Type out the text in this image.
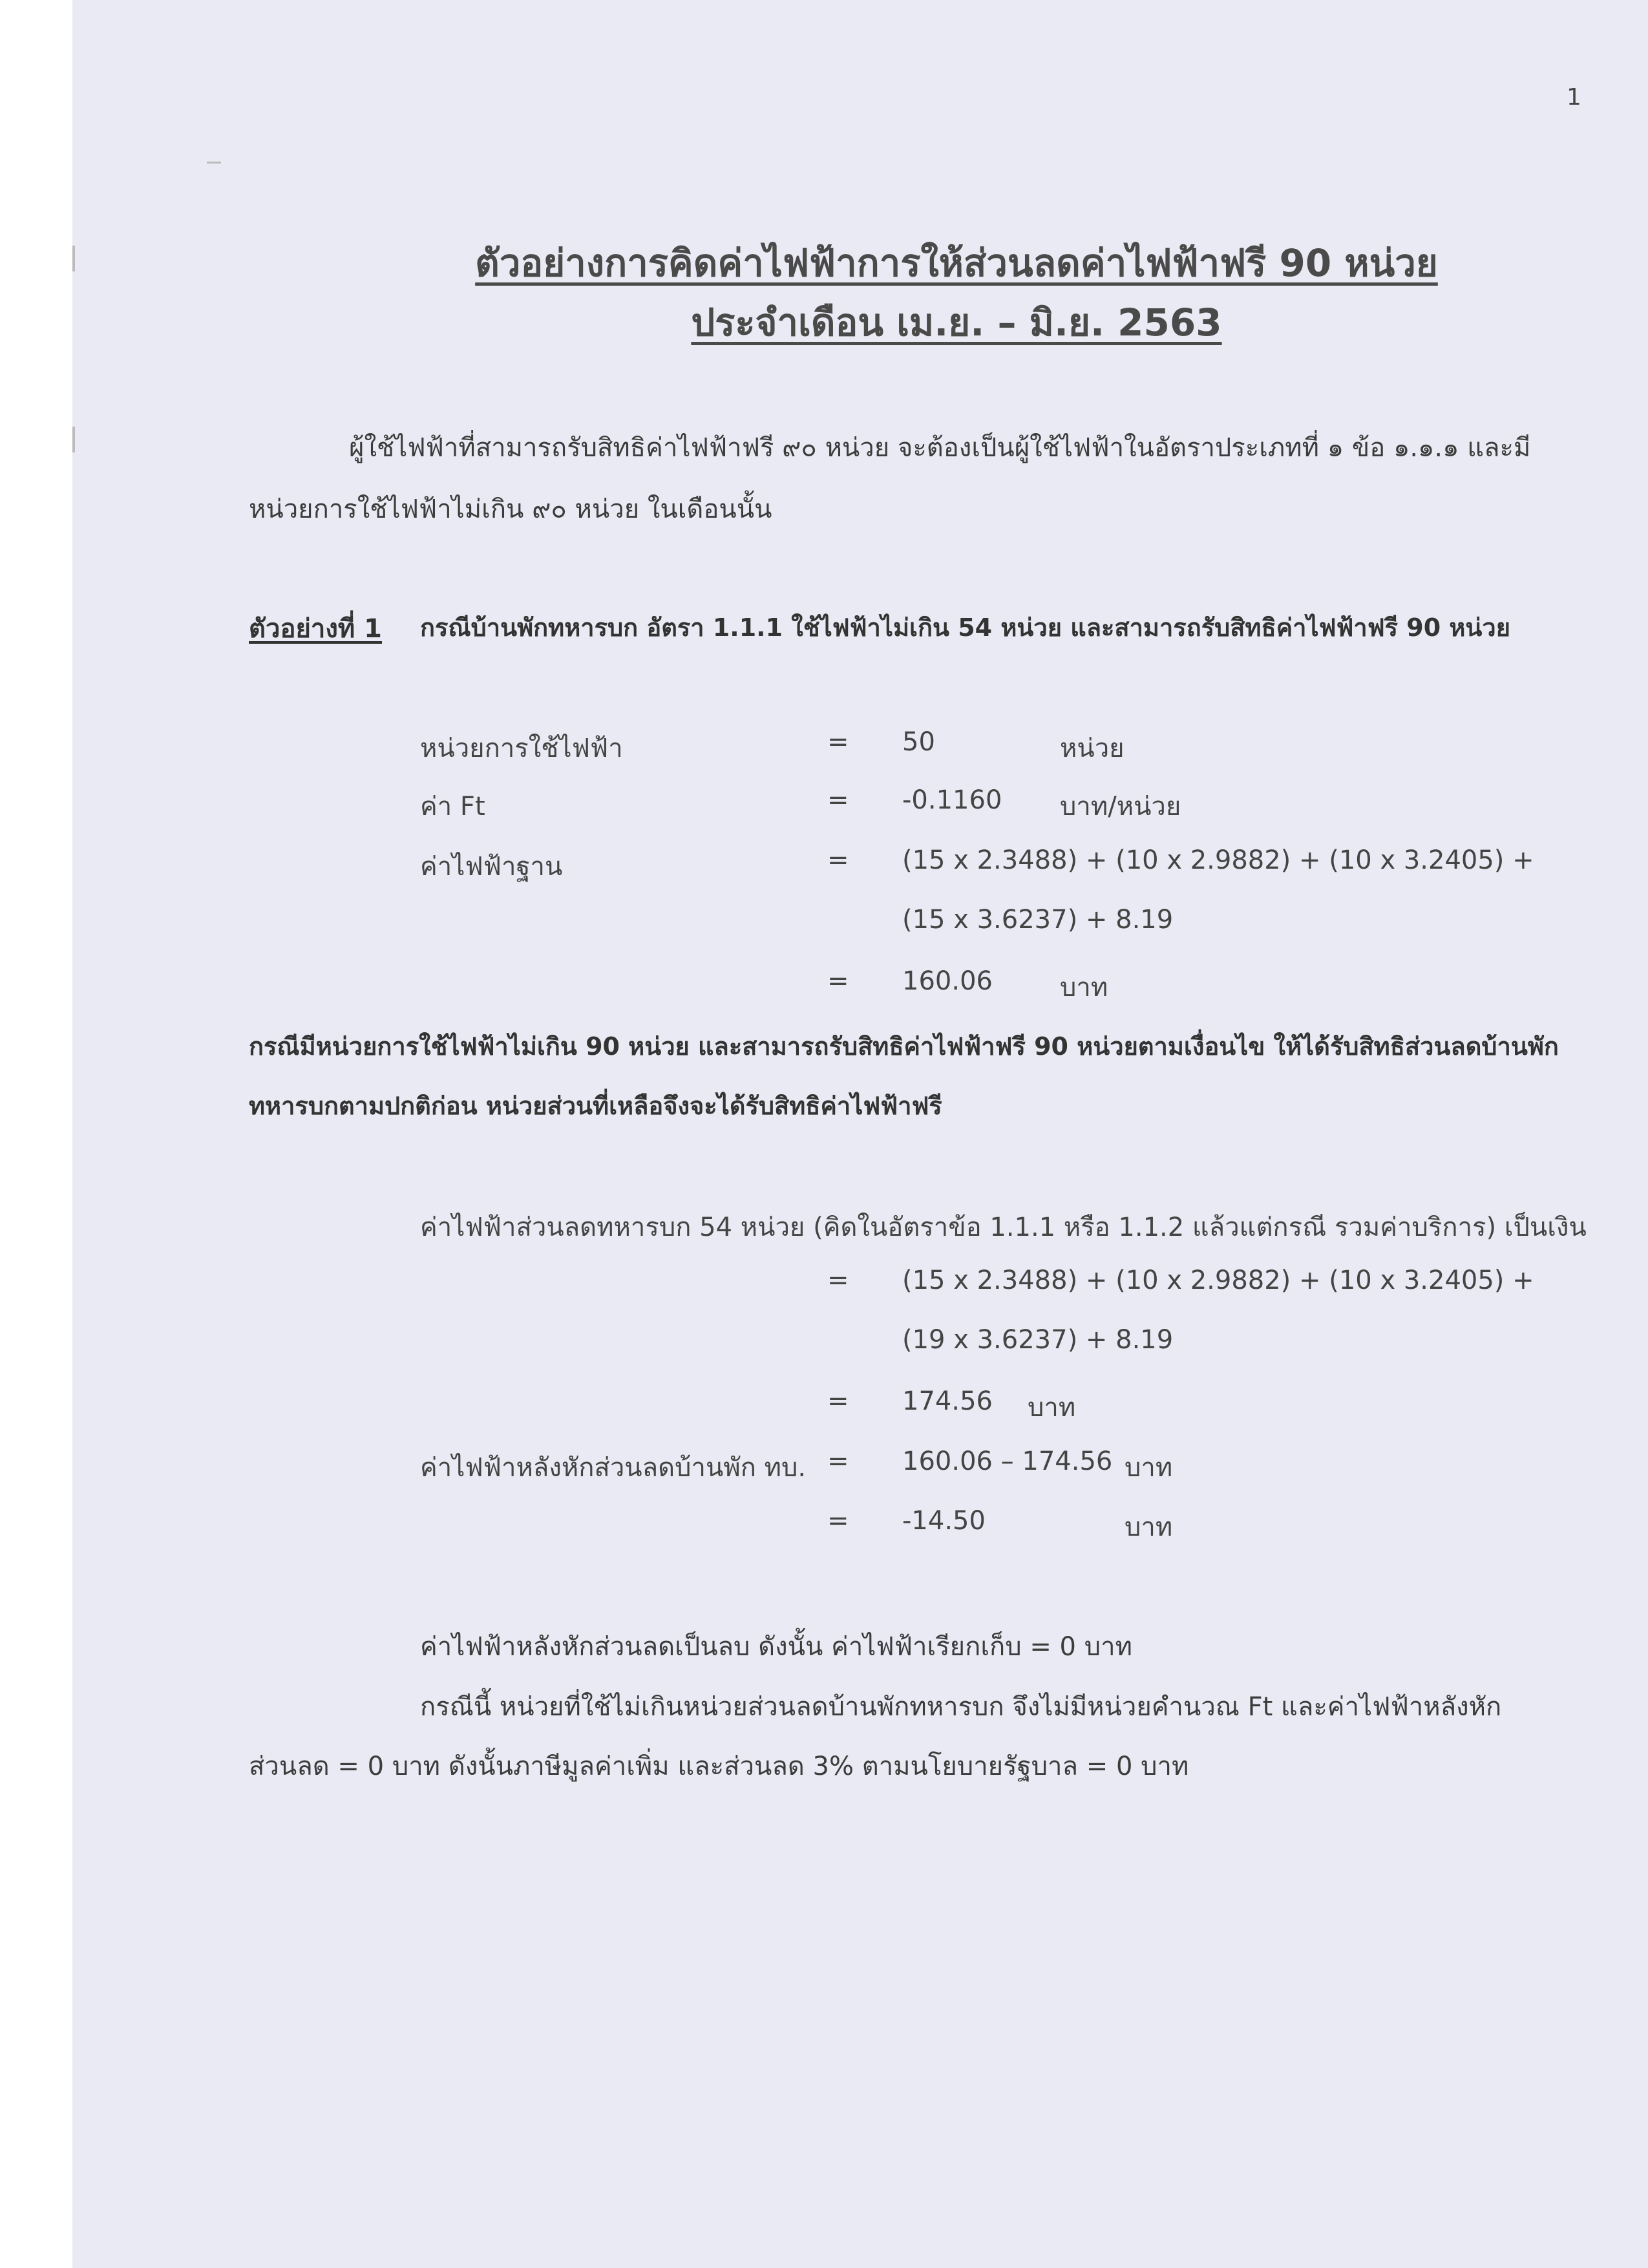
1
ตัวอย่างการคิดค่าไฟฟ้าการให้ส่วนลดค่าไฟฟ้าฟรี 90 หน่วย
ประจำเดือน เม.ย. – มิ.ย. 2563
ผู้ใช้ไฟฟ้าที่สามารถรับสิทธิค่าไฟฟ้าฟรี ๙๐ หน่วย จะต้องเป็นผู้ใช้ไฟฟ้าในอัตราประเภทที่ ๑ ข้อ ๑.๑.๑ และมี
หน่วยการใช้ไฟฟ้าไม่เกิน ๙๐ หน่วย ในเดือนนั้น
ตัวอย่างที่ 1 กรณีบ้านพักทหารบก อัตรา 1.1.1 ใช้ไฟฟ้าไม่เกิน 54 หน่วย และสามารถรับสิทธิค่าไฟฟ้าฟรี 90 หน่วย
หน่วยการใช้ไฟฟ้า	= 50	หน่วย
ค่า Ft	= -0.1160 บาท/หน่วย
ค่าไฟฟ้าฐาน	= (15 x 2.3488) + (10 x 2.9882) + (10 x 3.2405) +
(15 x 3.6237) + 8.19
= 160.06	บาท
กรณีมีหน่วยการใช้ไฟฟ้าไม่เกิน 90 หน่วย และสามารถรับสิทธิค่าไฟฟ้าฟรี 90 หน่วยตามเงื่อนไข ให้ได้รับสิทธิส่วนลดบ้านพัก
ทหารบกตามปกติก่อน หน่วยส่วนที่เหลือจึงจะได้รับสิทธิค่าไฟฟ้าฟรี
ค่าไฟฟ้าส่วนลดทหารบก 54 หน่วย (คิดในอัตราข้อ 1.1.1 หรือ 1.1.2 แล้วแต่กรณี รวมค่าบริการ) เป็นเงิน
= (15 x 2.3488) + (10 x 2.9882) + (10 x 3.2405) +
(19 x 3.6237) + 8.19
= 174.56 บาท
ค่าไฟฟ้าหลังหักส่วนลดบ้านพัก ทบ. = 160.06 – 174.56 บาท
= -14.50	บาท
ค่าไฟฟ้าหลังหักส่วนลดเป็นลบ ดังนั้น ค่าไฟฟ้าเรียกเก็บ = 0 บาท
กรณีนี้ หน่วยที่ใช้ไม่เกินหน่วยส่วนลดบ้านพักทหารบก จึงไม่มีหน่วยคำนวณ Ft และค่าไฟฟ้าหลังหัก
ส่วนลด = 0 บาท ดังนั้นภาษีมูลค่าเพิ่ม และส่วนลด 3% ตามนโยบายรัฐบาล = 0 บาท
